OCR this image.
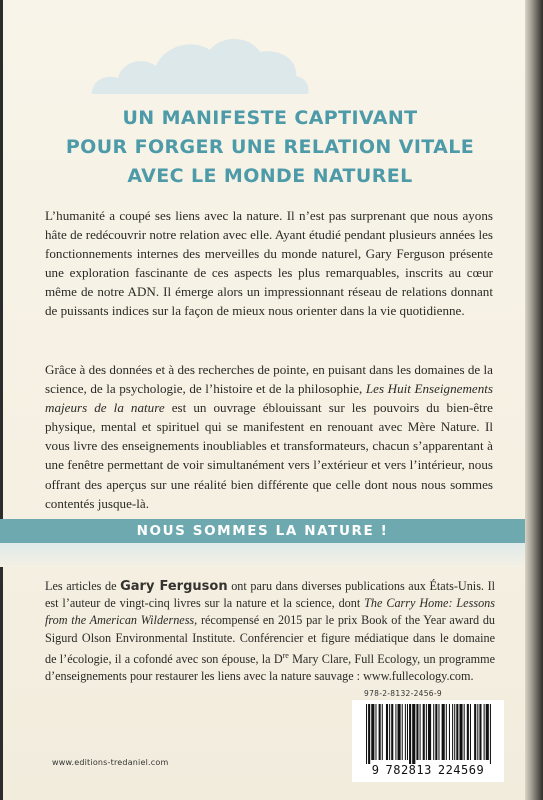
UN MANIFESTE CAPTIVANT
POUR FORGER UNE RELATION VITALE
AVEC LE MONDE NATUREL

L’humanité a coupé ses liens avec la nature. Il n’est pas surprenant que nous ayons hâte de redécouvrir notre relation avec elle. Ayant étudié pendant plusieurs années les fonctionnements internes des merveilles du monde naturel, Gary Ferguson présente une exploration fascinante de ces aspects les plus remarquables, inscrits au cœur même de notre ADN. Il émerge alors un impressionnant réseau de relations donnant de puissants indices sur la façon de mieux nous orienter dans la vie quotidienne.

Grâce à des données et à des recherches de pointe, en puisant dans les domaines de la science, de la psychologie, de l’histoire et de la philosophie, Les Huit Enseignements majeurs de la nature est un ouvrage éblouissant sur les pouvoirs du bien-être physique, mental et spirituel qui se manifestent en renouant avec Mère Nature. Il vous livre des enseignements inoubliables et transformateurs, chacun s’apparentant à une fenêtre permettant de voir simultanément vers l’extérieur et vers l’intérieur, nous offrant des aperçus sur une réalité bien différente que celle dont nous nous sommes contentés jusque-là.

NOUS SOMMES LA NATURE !

Les articles de Gary Ferguson ont paru dans diverses publications aux États-Unis. Il est l’auteur de vingt-cinq livres sur la nature et la science, dont The Carry Home: Lessons from the American Wilderness, récompensé en 2015 par le prix Book of the Year award du Sigurd Olson Environmental Institute. Conférencier et figure médiatique dans le domaine de l’écologie, il a cofondé avec son épouse, la Dre Mary Clare, Full Ecology, un programme d’enseignements pour restaurer les liens avec la nature sauvage : www.fullecology.com.

978-2-8132-2456-9
9 782813 224569
www.editions-tredaniel.com
